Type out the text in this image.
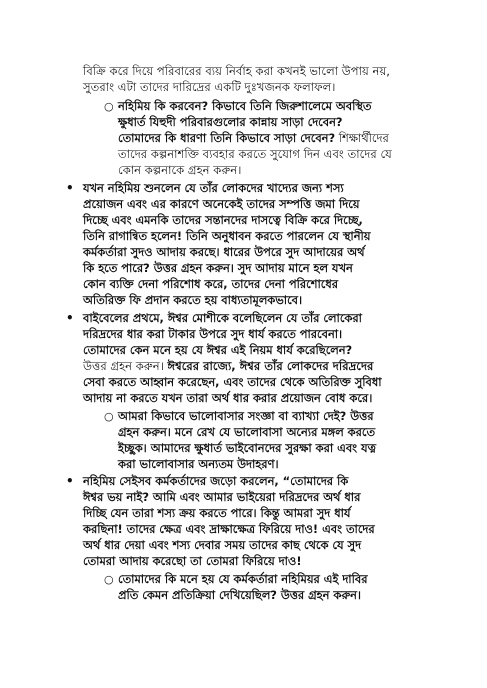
বিক্রি করে দিয়ে পরিবারের ব্যয় নির্বাহ করা কখনই ভালো উপায় নয়,
সুতরাং এটা তাদের দারিদ্রের একটি দুঃখজনক ফলাফল।
○ নহিমিয় কি করবেন? কিভাবে তিনি জিরুশালেমে অবস্থিত
ক্ষুধার্ত যিহুদী পরিবারগুলোর কান্নায় সাড়া দেবেন?
তোমাদের কি ধারণা তিনি কিভাবে সাড়া দেবেন? শিক্ষার্থীদের
তাদের কল্পনাশক্তি ব্যবহার করতে সুযোগ দিন এবং তাদের যে
কোন কল্পনাকে গ্রহন করুন।
• যখন নহিমিয় শুনলেন যে তাঁর লোকদের খাদ্যের জন্য শস্য
প্রয়োজন এবং এর কারণে অনেকেই তাদের সম্পত্তি জমা দিয়ে
দিচ্ছে এবং এমনকি তাদের সন্তানদের দাসত্বে বিক্রি করে দিচ্ছে,
তিনি রাগান্বিত হলেন! তিনি অনুধাবন করতে পারলেন যে স্থানীয়
কর্মকর্তারা সুদও আদায় করছে। ধারের উপরে সুদ আদায়ের অর্থ
কি হতে পারে? উত্তর গ্রহন করুন। সুদ আদায় মানে হল যখন
কোন ব্যক্তি দেনা পরিশোধ করে, তাদের দেনা পরিশোধের
অতিরিক্ত ফি প্রদান করতে হয় বাধ্যতামূলকভাবে।
• বাইবেলের প্রথমে, ঈশ্বর মোশীকে বলেছিলেন যে তাঁর লোকেরা
দরিদ্রদের ধার করা টাকার উপরে সুদ ধার্য করতে পারবেনা।
তোমাদের কেন মনে হয় যে ঈশ্বর এই নিয়ম ধার্য করেছিলেন?
উত্তর গ্রহন করুন। ঈশ্বরের রাজ্যে, ঈশ্বর তাঁর লোকদের দরিদ্রদের
সেবা করতে আহ্বান করেছেন, এবং তাদের থেকে অতিরিক্ত সুবিধা
আদায় না করতে যখন তারা অর্থ ধার করার প্রয়োজন বোধ করে।
○ আমরা কিভাবে ভালোবাসার সংজ্ঞা বা ব্যাখ্যা দেই? উত্তর
গ্রহন করুন। মনে রেখ যে ভালোবাসা অন্যের মঙ্গল করতে
ইচ্ছুক। আমাদের ক্ষুধার্ত ভাইবোনদের সুরক্ষা করা এবং যত্ন
করা ভালোবাসার অন্যতম উদাহরণ।
• নহিমিয় সেইসব কর্মকর্তাদের জড়ো করলেন, “তোমাদের কি
ঈশ্বর ভয় নাই? আমি এবং আমার ভাইয়েরা দরিদ্রদের অর্থ ধার
দিচ্ছি যেন তারা শস্য ক্রয় করতে পারে। কিন্তু আমরা সুদ ধার্য
করছিনা! তাদের ক্ষেত্র এবং দ্রাক্ষাক্ষেত্র ফিরিয়ে দাও! এবং তাদের
অর্থ ধার দেয়া এবং শস্য দেবার সময় তাদের কাছ থেকে যে সুদ
তোমরা আদায় করেছো তা তোমরা ফিরিয়ে দাও!
○ তোমাদের কি মনে হয় যে কর্মকর্তারা নহিমিয়র এই দাবির
প্রতি কেমন প্রতিক্রিয়া দেখিয়েছিল? উত্তর গ্রহন করুন।
